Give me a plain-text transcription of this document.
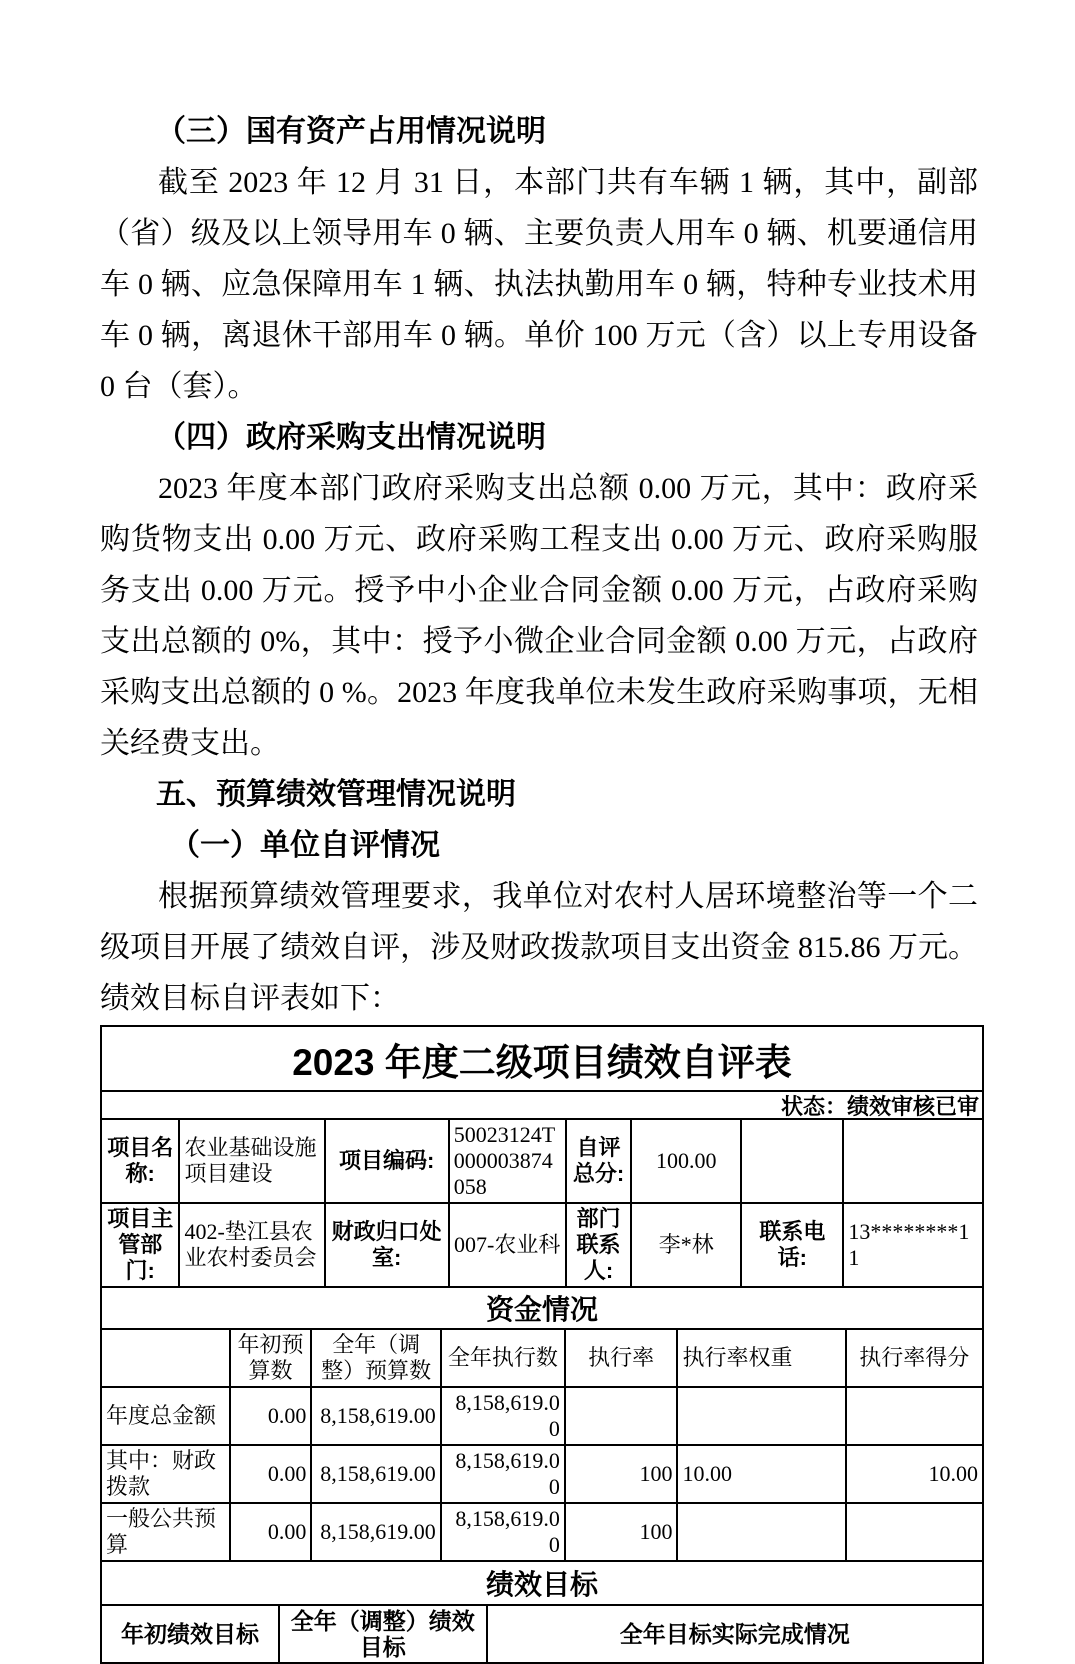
（三）国有资产占用情况说明

截至 2023 年 12 月 31 日，本部门共有车辆 1 辆，其中，副部（省）级及以上领导用车 0 辆、主要负责人用车 0 辆、机要通信用车 0 辆、应急保障用车 1 辆、执法执勤用车 0 辆，特种专业技术用车 0 辆，离退休干部用车 0 辆。单价 100 万元（含）以上专用设备 0 台（套）。

（四）政府采购支出情况说明

2023 年度本部门政府采购支出总额 0.00 万元，其中：政府采购货物支出 0.00 万元、政府采购工程支出 0.00 万元、政府采购服务支出 0.00 万元。授予中小企业合同金额 0.00 万元，占政府采购支出总额的 0%，其中：授予小微企业合同金额 0.00 万元，占政府采购支出总额的 0 %。2023 年度我单位未发生政府采购事项，无相关经费支出。

五、预算绩效管理情况说明
（一）单位自评情况

根据预算绩效管理要求，我单位对农村人居环境整治等一个二级项目开展了绩效自评，涉及财政拨款项目支出资金 815.86 万元。绩效目标自评表如下：

2023 年度二级项目绩效自评表
状态：绩效审核已审
项目名称:	农业基础设施项目建设	项目编码:	50023124T000003874058	自评总分:	100.00		
项目主管部门:	402-垫江县农业农村委员会	财政归口处室:	007-农业科	部门联系人:	李*林	联系电话:	13********11
资金情况
	年初预算数	全年（调整）预算数	全年执行数	执行率	执行率权重	执行率得分
年度总金额	0.00	8,158,619.00	8,158,619.00			
其中：财政拨款	0.00	8,158,619.00	8,158,619.00	100	10.00	10.00
一般公共预算	0.00	8,158,619.00	8,158,619.00	100		
绩效目标
年初绩效目标	全年（调整）绩效目标	全年目标实际完成情况
